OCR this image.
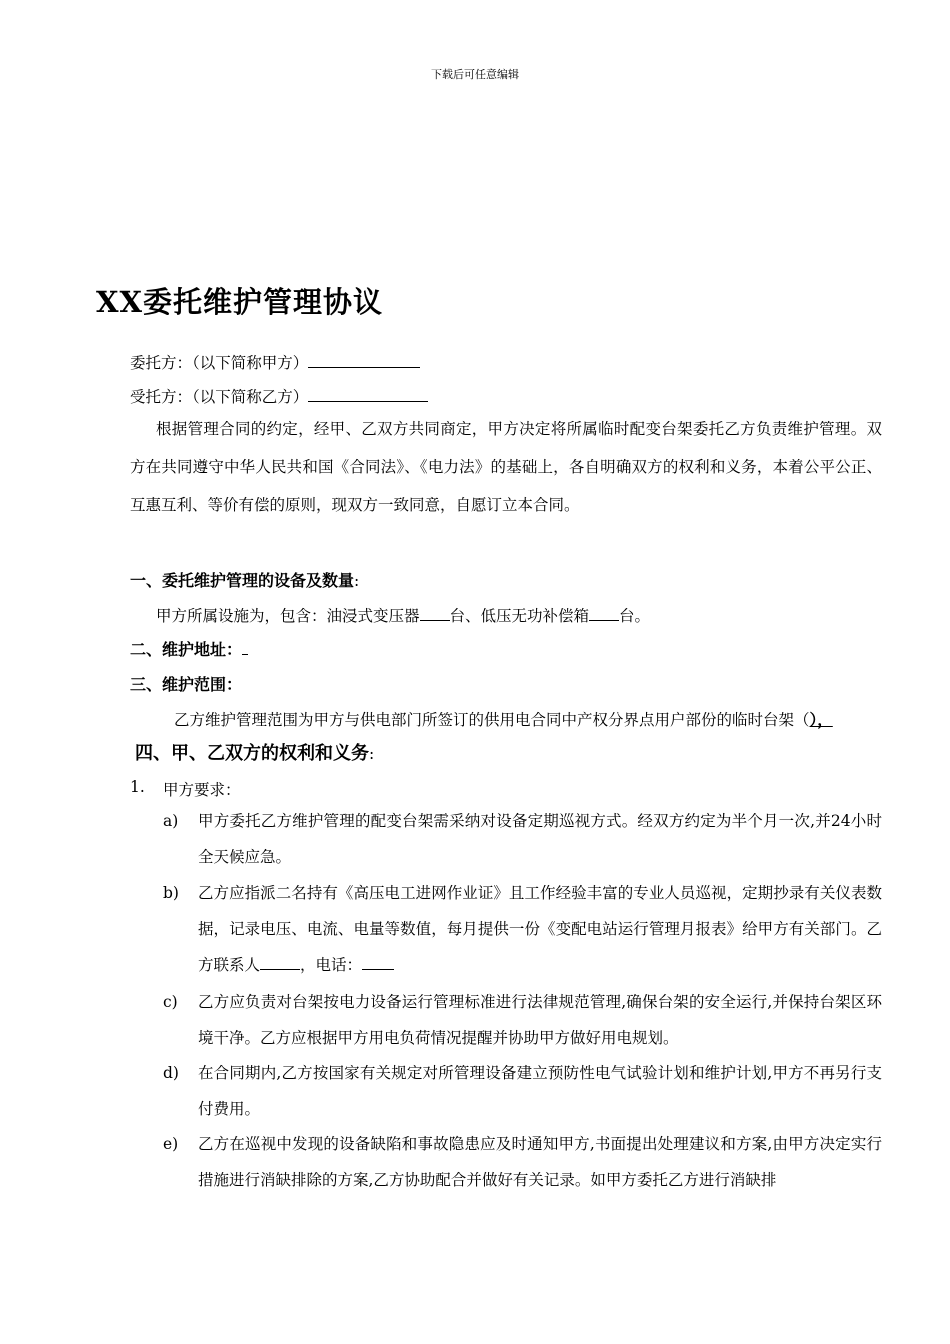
下载后可任意编辑
XX委托维护管理协议
委托方：（以下简称甲方）
受托方：（以下简称乙方）
根据管理合同的约定，经甲、乙双方共同商定，甲方决定将所属临时配变台架委托乙方负责维护管理。双方在共同遵守中华人民共和国《合同法》、《电力法》的基础上，各自明确双方的权利和义务，本着公平公正、互惠互利、等价有偿的原则，现双方一致同意，自愿订立本合同。
一、委托维护管理的设备及数量:
甲方所属设施为，包含：油浸式变压器 台、低压无功补偿箱 台。
二、维护地址：
三、维护范围：
乙方维护管理范围为甲方与供电部门所签订的供用电合同中产权分界点用户部份的临时台架（），
四、甲、乙双方的权利和义务:
1. 甲方要求：
a) 甲方委托乙方维护管理的配变台架需采纳对设备定期巡视方式。经双方约定为半个月一次,并24小时全天候应急。
b) 乙方应指派二名持有《高压电工进网作业证》且工作经验丰富的专业人员巡视，定期抄录有关仪表数据，记录电压、电流、电量等数值，每月提供一份《变配电站运行管理月报表》给甲方有关部门。乙方联系人	，电话：
c) 乙方应负责对台架按电力设备运行管理标准进行法律规范管理,确保台架的安全运行,并保持台架区环境干净。乙方应根据甲方用电负荷情况提醒并协助甲方做好用电规划。
d) 在合同期内,乙方按国家有关规定对所管理设备建立预防性电气试验计划和维护计划,甲方不再另行支付费用。
e) 乙方在巡视中发现的设备缺陷和事故隐患应及时通知甲方,书面提出处理建议和方案,由甲方决定实行措施进行消缺排除的方案,乙方协助配合并做好有关记录。如甲方委托乙方进行消缺排
